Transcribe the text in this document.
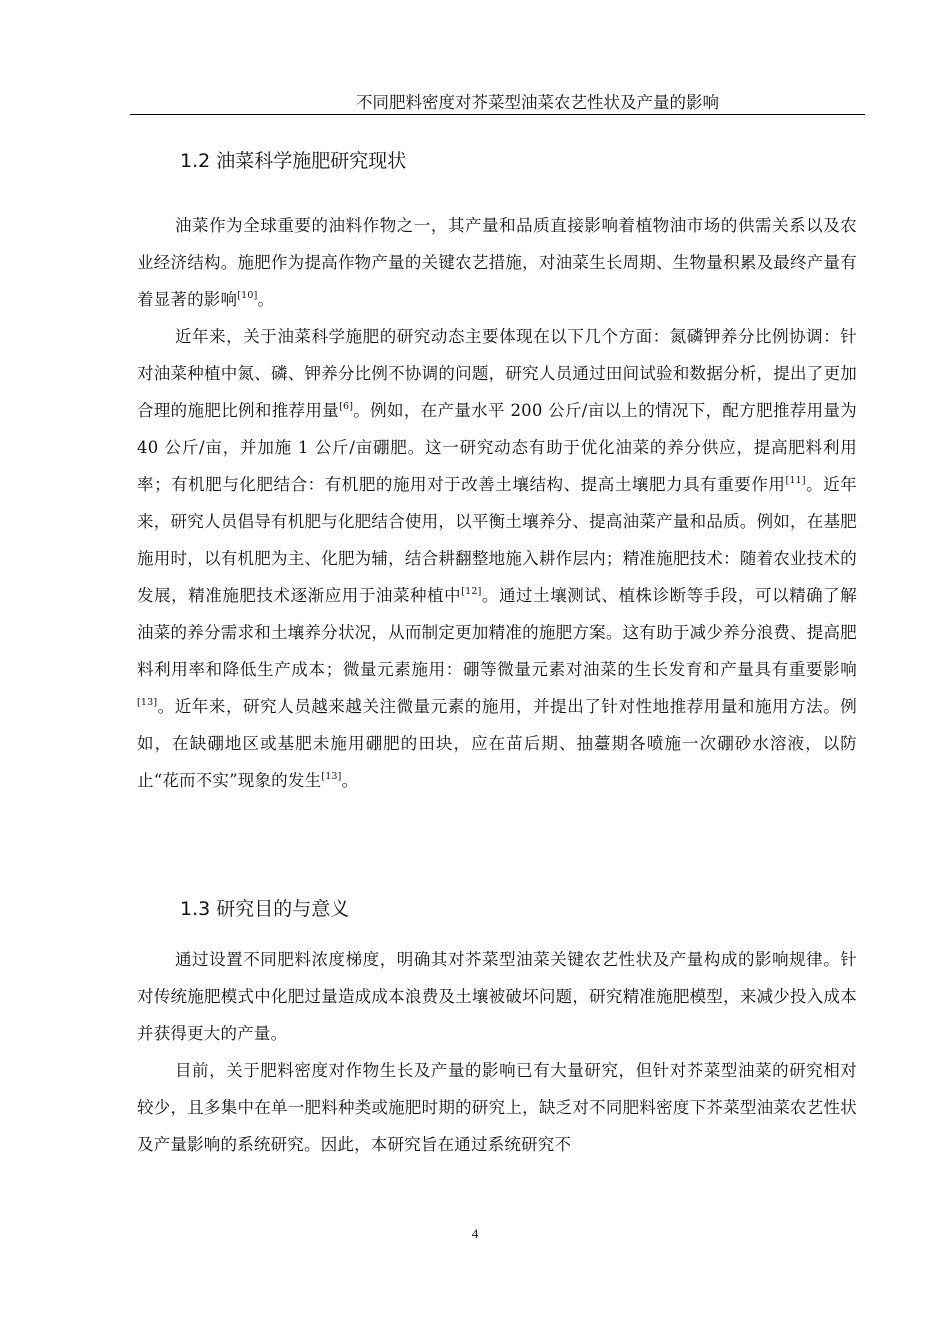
不同肥料密度对芥菜型油菜农艺性状及产量的影响
1.2 油菜科学施肥研究现状
油菜作为全球重要的油料作物之一，其产量和品质直接影响着植物油市场的供需关系以及农业经济结构。施肥作为提高作物产量的关键农艺措施，对油菜生长周期、生物量积累及最终产量有着显著的影响[10]。
近年来，关于油菜科学施肥的研究动态主要体现在以下几个方面：氮磷钾养分比例协调：针对油菜种植中氮、磷、钾养分比例不协调的问题，研究人员通过田间试验和数据分析，提出了更加合理的施肥比例和推荐用量[6]。例如，在产量水平 200 公斤/亩以上的情况下，配方肥推荐用量为 40 公斤/亩，并加施 1 公斤/亩硼肥。这一研究动态有助于优化油菜的养分供应，提高肥料利用率；有机肥与化肥结合：有机肥的施用对于改善土壤结构、提高土壤肥力具有重要作用[11]。近年来，研究人员倡导有机肥与化肥结合使用，以平衡土壤养分、提高油菜产量和品质。例如，在基肥施用时，以有机肥为主、化肥为辅，结合耕翻整地施入耕作层内；精准施肥技术：随着农业技术的发展，精准施肥技术逐渐应用于油菜种植中[12]。通过土壤测试、植株诊断等手段，可以精确了解油菜的养分需求和土壤养分状况，从而制定更加精准的施肥方案。这有助于减少养分浪费、提高肥料利用率和降低生产成本；微量元素施用：硼等微量元素对油菜的生长发育和产量具有重要影响[13]。近年来，研究人员越来越关注微量元素的施用，并提出了针对性地推荐用量和施用方法。例如，在缺硼地区或基肥未施用硼肥的田块，应在苗后期、抽薹期各喷施一次硼砂水溶液，以防止“花而不实”现象的发生[13]。
1.3 研究目的与意义
通过设置不同肥料浓度梯度，明确其对芥菜型油菜关键农艺性状及产量构成的影响规律。针对传统施肥模式中化肥过量造成成本浪费及土壤被破坏问题，研究精准施肥模型，来减少投入成本并获得更大的产量。
目前，关于肥料密度对作物生长及产量的影响已有大量研究，但针对芥菜型油菜的研究相对较少，且多集中在单一肥料种类或施肥时期的研究上，缺乏对不同肥料密度下芥菜型油菜农艺性状及产量影响的系统研究。因此，本研究旨在通过系统研究不
4
